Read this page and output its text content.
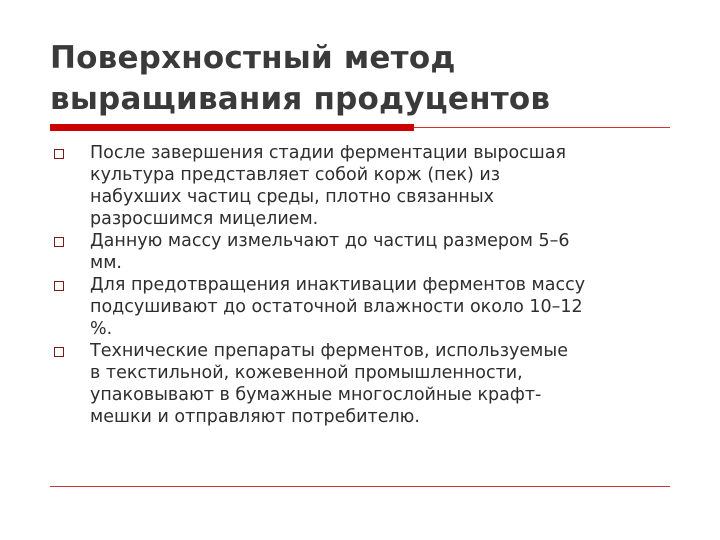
Поверхностный метод
выращивания продуцентов
После завершения стадии ферментации выросшая
культура представляет собой корж (пек) из
набухших частиц среды, плотно связанных
разросшимся мицелием.
Данную массу измельчают до частиц размером 5–6
мм.
Для предотвращения инактивации ферментов массу
подсушивают до остаточной влажности около 10–12
%.
Технические препараты ферментов, используемые
в текстильной, кожевенной промышленности,
упаковывают в бумажные многослойные крафт-
мешки и отправляют потребителю.
